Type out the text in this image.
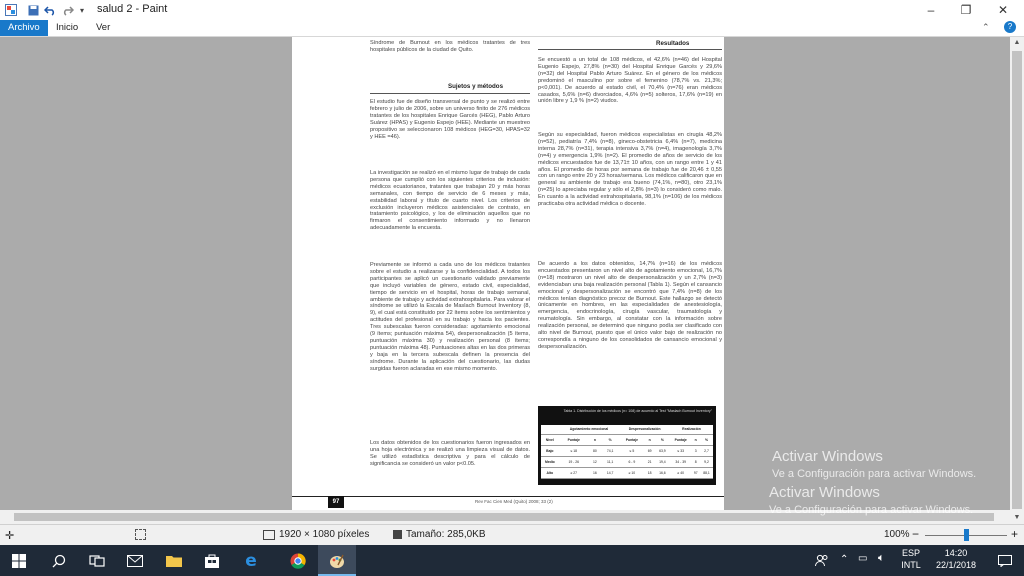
▾	salud 2 - Paint	–	❐	✕
Archivo	Inicio	Ver	⌃	?

Síndrome de Burnout en los médicos tratantes de tres hospitales públicos de la ciudad de Quito.

Sujetos y métodos

Resultados

El estudio fue de diseño transversal de punto y se realizó entre febrero y julio de 2006, sobre un universo finito de 276 médicos tratantes de los hospitales Enrique Garcés (HEG), Pablo Arturo Suárez (HPAS) y Eugenio Espejo (HEE). Mediante un muestreo propositivo se seleccionaron 108 médicos (HEG=30, HPAS=32 y HEE =46).

La investigación se realizó en el mismo lugar de trabajo de cada persona que cumplió con los siguientes criterios de inclusión: médicos ecuatorianos, tratantes que trabajan 20 y más horas semanales, con tiempo de servicio de 6 meses y más, estabilidad laboral y título de cuarto nivel. Los criterios de exclusión incluyeron médicos asistenciales de contrato, en tratamiento psicológico, y los de eliminación aquellos que no firmaron el consentimiento informado y no llenaron adecuadamente la encuesta.

Previamente se informó a cada uno de los médicos tratantes sobre el estudio a realizarse y la confidencialidad. A todos los participantes se aplicó un cuestionario validado previamente que incluyó variables de género, estado civil, especialidad, tiempo de servicio en el hospital, horas de trabajo semanal, ambiente de trabajo y actividad extrahospitalaria. Para valorar el síndrome se utilizó la Escala de Maslach Burnout Inventory (8, 9), el cual está constituido por 22 ítems sobre los sentimientos y actitudes del profesional en su trabajo y hacia los pacientes. Tres subescalas fueron consideradas: agotamiento emocional (9 ítems; puntuación máxima 54), despersonalización (5 ítems, puntuación máxima 30) y realización personal (8 ítems; puntuación máxima 48). Puntuaciones altas en las dos primeras y baja en la tercera subescala definen la presencia del síndrome. Durante la aplicación del cuestionario, las dudas surgidas fueron aclaradas en ese mismo momento.

Los datos obtenidos de los cuestionarios fueron ingresados en una hoja electrónica y se realizó una limpieza visual de datos. Se utilizó estadística descriptiva y para el cálculo de significancia se consideró un valor p<0.05.

Se encuestó a un total de 108 médicos, el 42,6% (n=46) del Hospital Eugenio Espejo, 27,8% (n=30) del Hospital Enrique Garcés y 29,6%(n=32) del Hospital Pablo Arturo Suárez. En el género de los médicos predominó el masculino por sobre el femenino (78,7% vs. 21,3%; p<0,001). De acuerdo al estado civil, el 70,4% (n=76) eran médicos casados, 5,6% (n=6) divorciados, 4,6% (n=5) solteros, 17,6% (n=19) en unión libre y 1,9 % (n=2) viudos.

Según su especialidad, fueron médicos especialistas en cirugía 48,2% (n=52), pediatría 7,4% (n=8), gineco-obstetricia 6,4% (n=7), medicina interna 28,7% (n=31), terapia intensiva 3,7% (n=4), imagenología 3,7% (n=4) y emergencia 1,9% (n=2). El promedio de años de servicio de los médicos encuestados fue de 13,71± 10 años, con un rango entre 1 y 41 años. El promedio de horas por semana de trabajo fue de 20,46 ± 0,55 con un rango entre 20 y 23 horas/semana. Los médicos calificaron que en general su ambiente de trabajo era bueno (74,1%, n=80), otro 23,1% (n=25) lo apreciaba regular y sólo el 2,8% (n=3) lo consideró como malo. En cuanto a la actividad extrahospitalaria, 98,1% (n=106) de los médicos practicaba otra actividad médica o docente.

De acuerdo a los datos obtenidos, 14,7% (n=16) de los médicos encuestados presentaron un nivel alto de agotamiento emocional, 16,7% (n=18) mostraron un nivel alto de despersonalización y un 2,7% (n=3) evidenciaban una baja realización personal (Tabla 1). Según el cansancio emocional y despersonalización se encontró que 7,4% (n=8) de los médicos tenían diagnóstico precoz de Burnout. Este hallazgo se detectó únicamente en hombres, en las especialidades de anestesiología, emergencia, endocrinología, cirugía vascular, traumatología y reumatología. Sin embargo, al constatar con la información sobre realización personal, se determinó que ninguno podía ser clasificado con alto nivel de Burnout, puesto que el único valor bajo de realización no correspondía a ninguno de los consolidados de cansancio emocional y despersonalización.

Tabla 1. Distribución de los médicos (n= 108) de acuerdo al Test "Maslach Burnout Inventory"
	Agotamiento emocional			Despersonalización			Realización		
Nivel	Puntaje	n	%	Puntaje	n	%	Puntaje	n	%
Bajo	≤ 18	80	74,1	≤ 5	69	63,9	≤ 33	3	2,7
Medio	19 - 26	12	11,1	6 - 9	21	19,4	34 - 39	8	9,2
Alto	≥ 27	16	14,7	≥ 10	18	16,6	≥ 40	97	88,1
97	Rev Fac Cien Med (Quito) 2008; 33 (2)
▲
▼

Activar Windows

Ve a Configuración para activar Windows.

Activar Windows

Ve a Configuración para activar Windows.

✛	1920 × 1080 píxeles	Tamaño: 285,0KB	100% −	+
e	⌃ ▭ 🔈︎	ESP
INTL
14:20
22/1/2018
